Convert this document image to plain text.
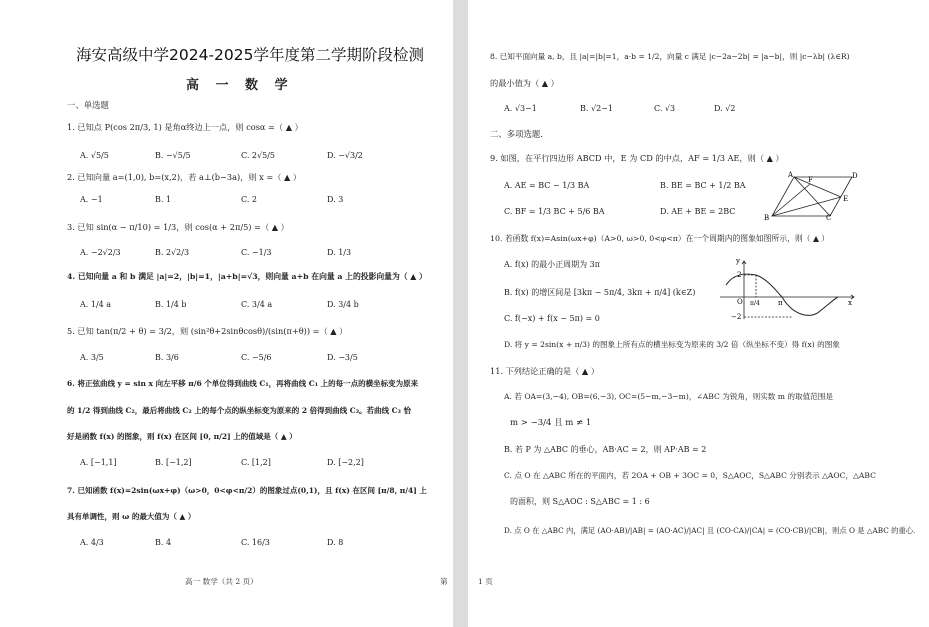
海安高级中学2024-2025学年度第二学期阶段检测
高 一 数 学
一、单选题
1. 已知点 P(cos 2π/3, 1) 是角α终边上一点，则 cosα =（ ▲ ）
A. √5/5	B. −√5/5	C. 2√5/5	D. −√3/2
2. 已知向量 a=(1,0), b=(x,2)，若 a⊥(b−3a)，则 x =（ ▲ ）
A. −1	B. 1	C. 2	D. 3
3. 已知 sin(α − π/10) = 1/3，则 cos(α + 2π/5) =（ ▲ ）
A. −2√2/3	B. 2√2/3	C. −1/3	D. 1/3
4. 已知向量 a 和 b 满足 |a|=2，|b|=1，|a+b|=√3，则向量 a+b 在向量 a 上的投影向量为（ ▲ ）
A. 1/4 a	B. 1/4 b	C. 3/4 a	D. 3/4 b
5. 已知 tan(π/2 + θ) = 3/2，则 (sin²θ+2sinθcosθ)/(sin(π+θ)) =（ ▲ ）
A. 3/5	B. 3/6	C. −5/6	D. −3/5
6. 将正弦曲线 y = sin x 向左平移 π/6 个单位得到曲线 C₁，再将曲线 C₁ 上的每一点的横坐标变为原来
的 1/2 得到曲线 C₂，最后将曲线 C₂ 上的每个点的纵坐标变为原来的 2 倍得到曲线 C₃。若曲线 C₃ 恰
好是函数 f(x) 的图象，则 f(x) 在区间 [0, π/2] 上的值域是（ ▲ ）
A. [−1,1]	B. [−1,2]	C. [1,2]	D. [−2,2]
7. 已知函数 f(x)=2sin(ωx+φ)（ω>0，0<φ<π/2）的图象过点(0,1)，且 f(x) 在区间 [π/8, π/4] 上
具有单调性，则 ω 的最大值为（ ▲ ）
A. 4/3	B. 4	C. 16/3	D. 8
高一 数学（共 2 页）	第
8. 已知平面向量 a, b，且 |a|=|b|=1，a·b = 1/2，向量 c 满足 |c−2a−2b| = |a−b|，则 |c−λb| (λ∈R)
的最小值为（ ▲ ）
A. √3−1	B. √2−1	C. √3	D. √2
二、多项选题.
9. 如图，在平行四边形 ABCD 中，E 为 CD 的中点，AF = 1/3 AE，则（ ▲ ）
A. AE = BC − 1/3 BA	B. BE = BC + 1/2 BA
C. BF = 1/3 BC + 5/6 BA	D. AE + BE = 2BC
A
F	D
E
B	C
10. 若函数 f(x)=Asin(ωx+φ)（A>0, ω>0, 0<φ<π）在一个周期内的图象如图所示，则（ ▲ ）
A. f(x) 的最小正周期为 3π
B. f(x) 的增区间是 [3kπ − 5π/4, 3kπ + π/4] (k∈Z)
C. f(−x) + f(x − 5π) = 0
D. 将 y = 2sin(x + π/3) 的图象上所有点的横坐标变为原来的 3/2 倍（纵坐标不变）得 f(x) 的图象
y
2
O π/4	π	x
−2
11. 下列结论正确的是（ ▲ ）
A. 若 OA=(3,−4), OB=(6,−3), OC=(5−m,−3−m)，∠ABC 为锐角，则实数 m 的取值范围是
m > −3/4 且 m ≠ 1
B. 若 P 为 △ABC 的垂心，AB·AC = 2，则 AP·AB = 2
C. 点 O 在 △ABC 所在的平面内，若 2OA + OB + 3OC = 0，S△AOC，S△ABC 分别表示 △AOC，△ABC
的面积，则 S△AOC : S△ABC = 1 : 6
D. 点 O 在 △ABC 内，满足 (AO·AB)/|AB| = (AO·AC)/|AC| 且 (CO·CA)/|CA| = (CO·CB)/|CB|，则点 O 是 △ABC 的重心.
1 页
